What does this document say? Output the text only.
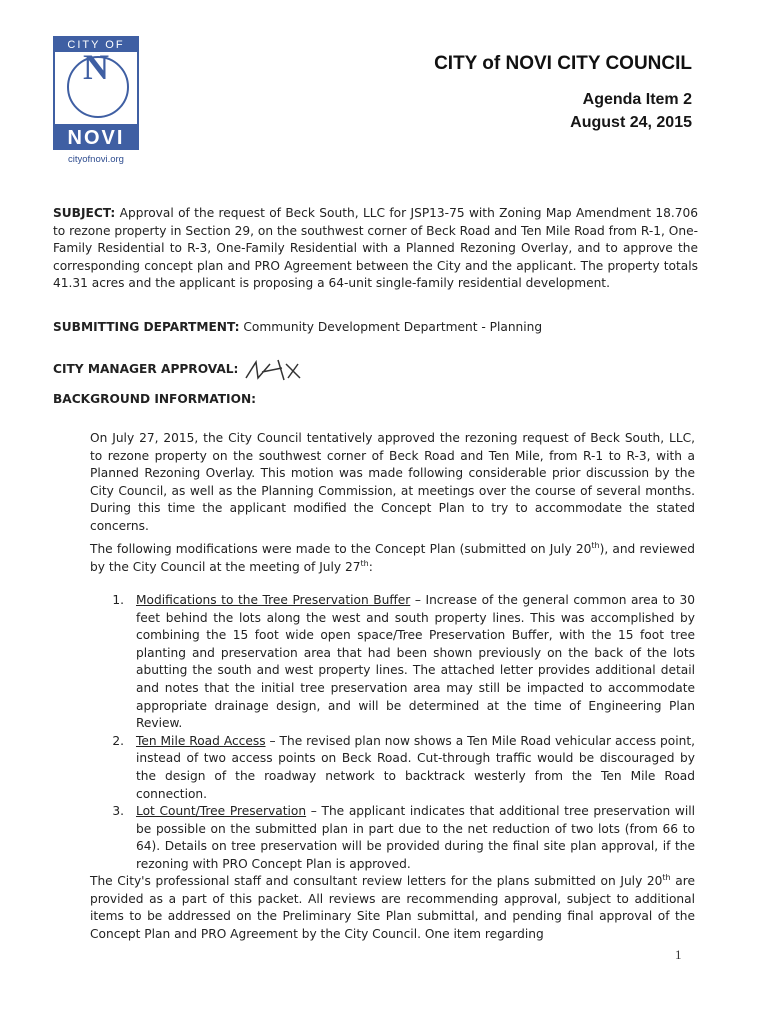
CITY OF
N
NOVI
cityofnovi.org
CITY of NOVI CITY COUNCIL
Agenda Item 2
August 24, 2015
SUBJECT: Approval of the request of Beck South, LLC for JSP13-75 with Zoning Map Amendment 18.706 to rezone property in Section 29, on the southwest corner of Beck Road and Ten Mile Road from R-1, One-Family Residential to R-3, One-Family Residential with a Planned Rezoning Overlay, and to approve the corresponding concept plan and PRO Agreement between the City and the applicant. The property totals 41.31 acres and the applicant is proposing a 64-unit single-family residential development.
SUBMITTING DEPARTMENT: Community Development Department - Planning
CITY MANAGER APPROVAL:
BACKGROUND INFORMATION:

On July 27, 2015, the City Council tentatively approved the rezoning request of Beck South, LLC, to rezone property on the southwest corner of Beck Road and Ten Mile, from R-1 to R-3, with a Planned Rezoning Overlay. This motion was made following considerable prior discussion by the City Council, as well as the Planning Commission, at meetings over the course of several months. During this time the applicant modified the Concept Plan to try to accommodate the stated concerns.

The following modifications were made to the Concept Plan (submitted on July 20th), and reviewed by the City Council at the meeting of July 27th:

1. Modifications to the Tree Preservation Buffer – Increase of the general common area to 30 feet behind the lots along the west and south property lines. This was accomplished by combining the 15 foot wide open space/Tree Preservation Buffer, with the 15 foot tree planting and preservation area that had been shown previously on the back of the lots abutting the south and west property lines. The attached letter provides additional detail and notes that the initial tree preservation area may still be impacted to accommodate appropriate drainage design, and will be determined at the time of Engineering Plan Review.
2. Ten Mile Road Access – The revised plan now shows a Ten Mile Road vehicular access point, instead of two access points on Beck Road. Cut-through traffic would be discouraged by the design of the roadway network to backtrack westerly from the Ten Mile Road connection.
3. Lot Count/Tree Preservation – The applicant indicates that additional tree preservation will be possible on the submitted plan in part due to the net reduction of two lots (from 66 to 64). Details on tree preservation will be provided during the final site plan approval, if the rezoning with PRO Concept Plan is approved.

The City's professional staff and consultant review letters for the plans submitted on July 20th are provided as a part of this packet. All reviews are recommending approval, subject to additional items to be addressed on the Preliminary Site Plan submittal, and pending final approval of the Concept Plan and PRO Agreement by the City Council. One item regarding

1
